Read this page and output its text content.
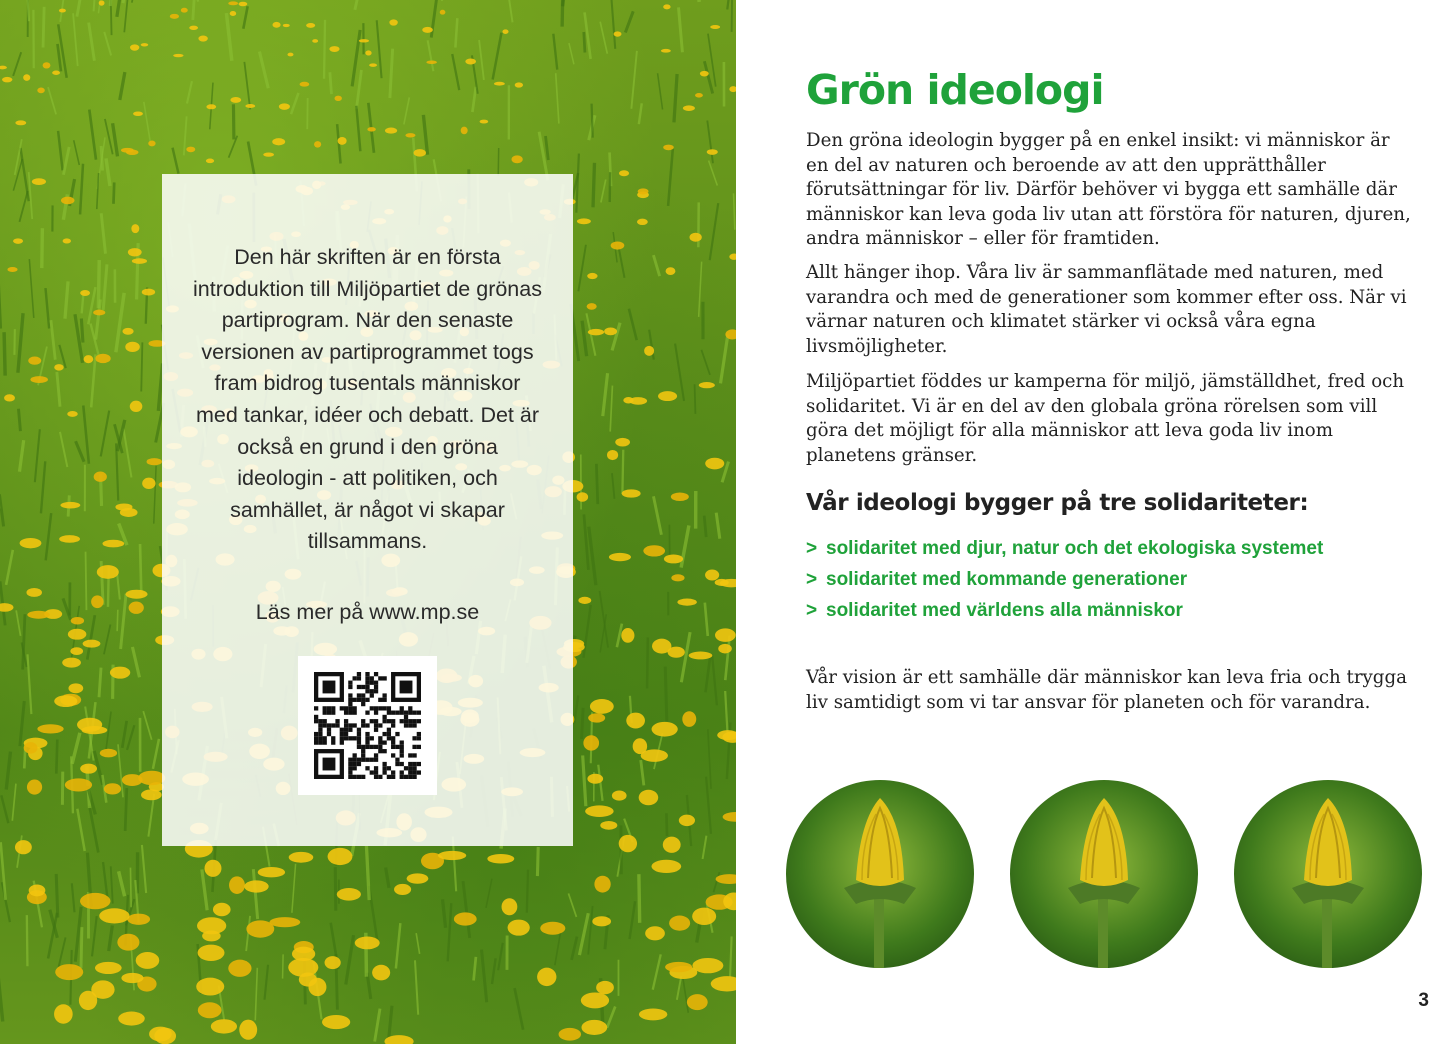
Den här skriften är en första introduktion till Miljöpartiet de grönas partiprogram. När den senaste versionen av partiprogrammet togs fram bidrog tusentals människor med tankar, idéer och debatt. Det är också en grund i den gröna ideologin - att politiken, och samhället, är något vi skapar tillsammans.
Läs mer på www.mp.se
Grön ideologi

Den gröna ideologin bygger på en enkel insikt: vi människor är en del av naturen och beroende av att den upprätthåller förutsättningar för liv. Därför behöver vi bygga ett samhälle där människor kan leva goda liv utan att förstöra för naturen, djuren, andra människor – eller för framtiden.

Allt hänger ihop. Våra liv är sammanflätade med naturen, med varandra och med de generationer som kommer efter oss. När vi värnar naturen och klimatet stärker vi också våra egna livsmöjligheter.

Miljöpartiet föddes ur kamperna för miljö, jämställdhet, fred och solidaritet. Vi är en del av den globala gröna rörelsen som vill göra det möjligt för alla människor att leva goda liv inom planetens gränser.

Vår ideologi bygger på tre solidariteter:
> solidaritet med djur, natur och det ekologiska systemet
> solidaritet med kommande generationer
> solidaritet med världens alla människor

Vår vision är ett samhälle där människor kan leva fria och trygga liv samtidigt som vi tar ansvar för planeten och för varandra.

3
